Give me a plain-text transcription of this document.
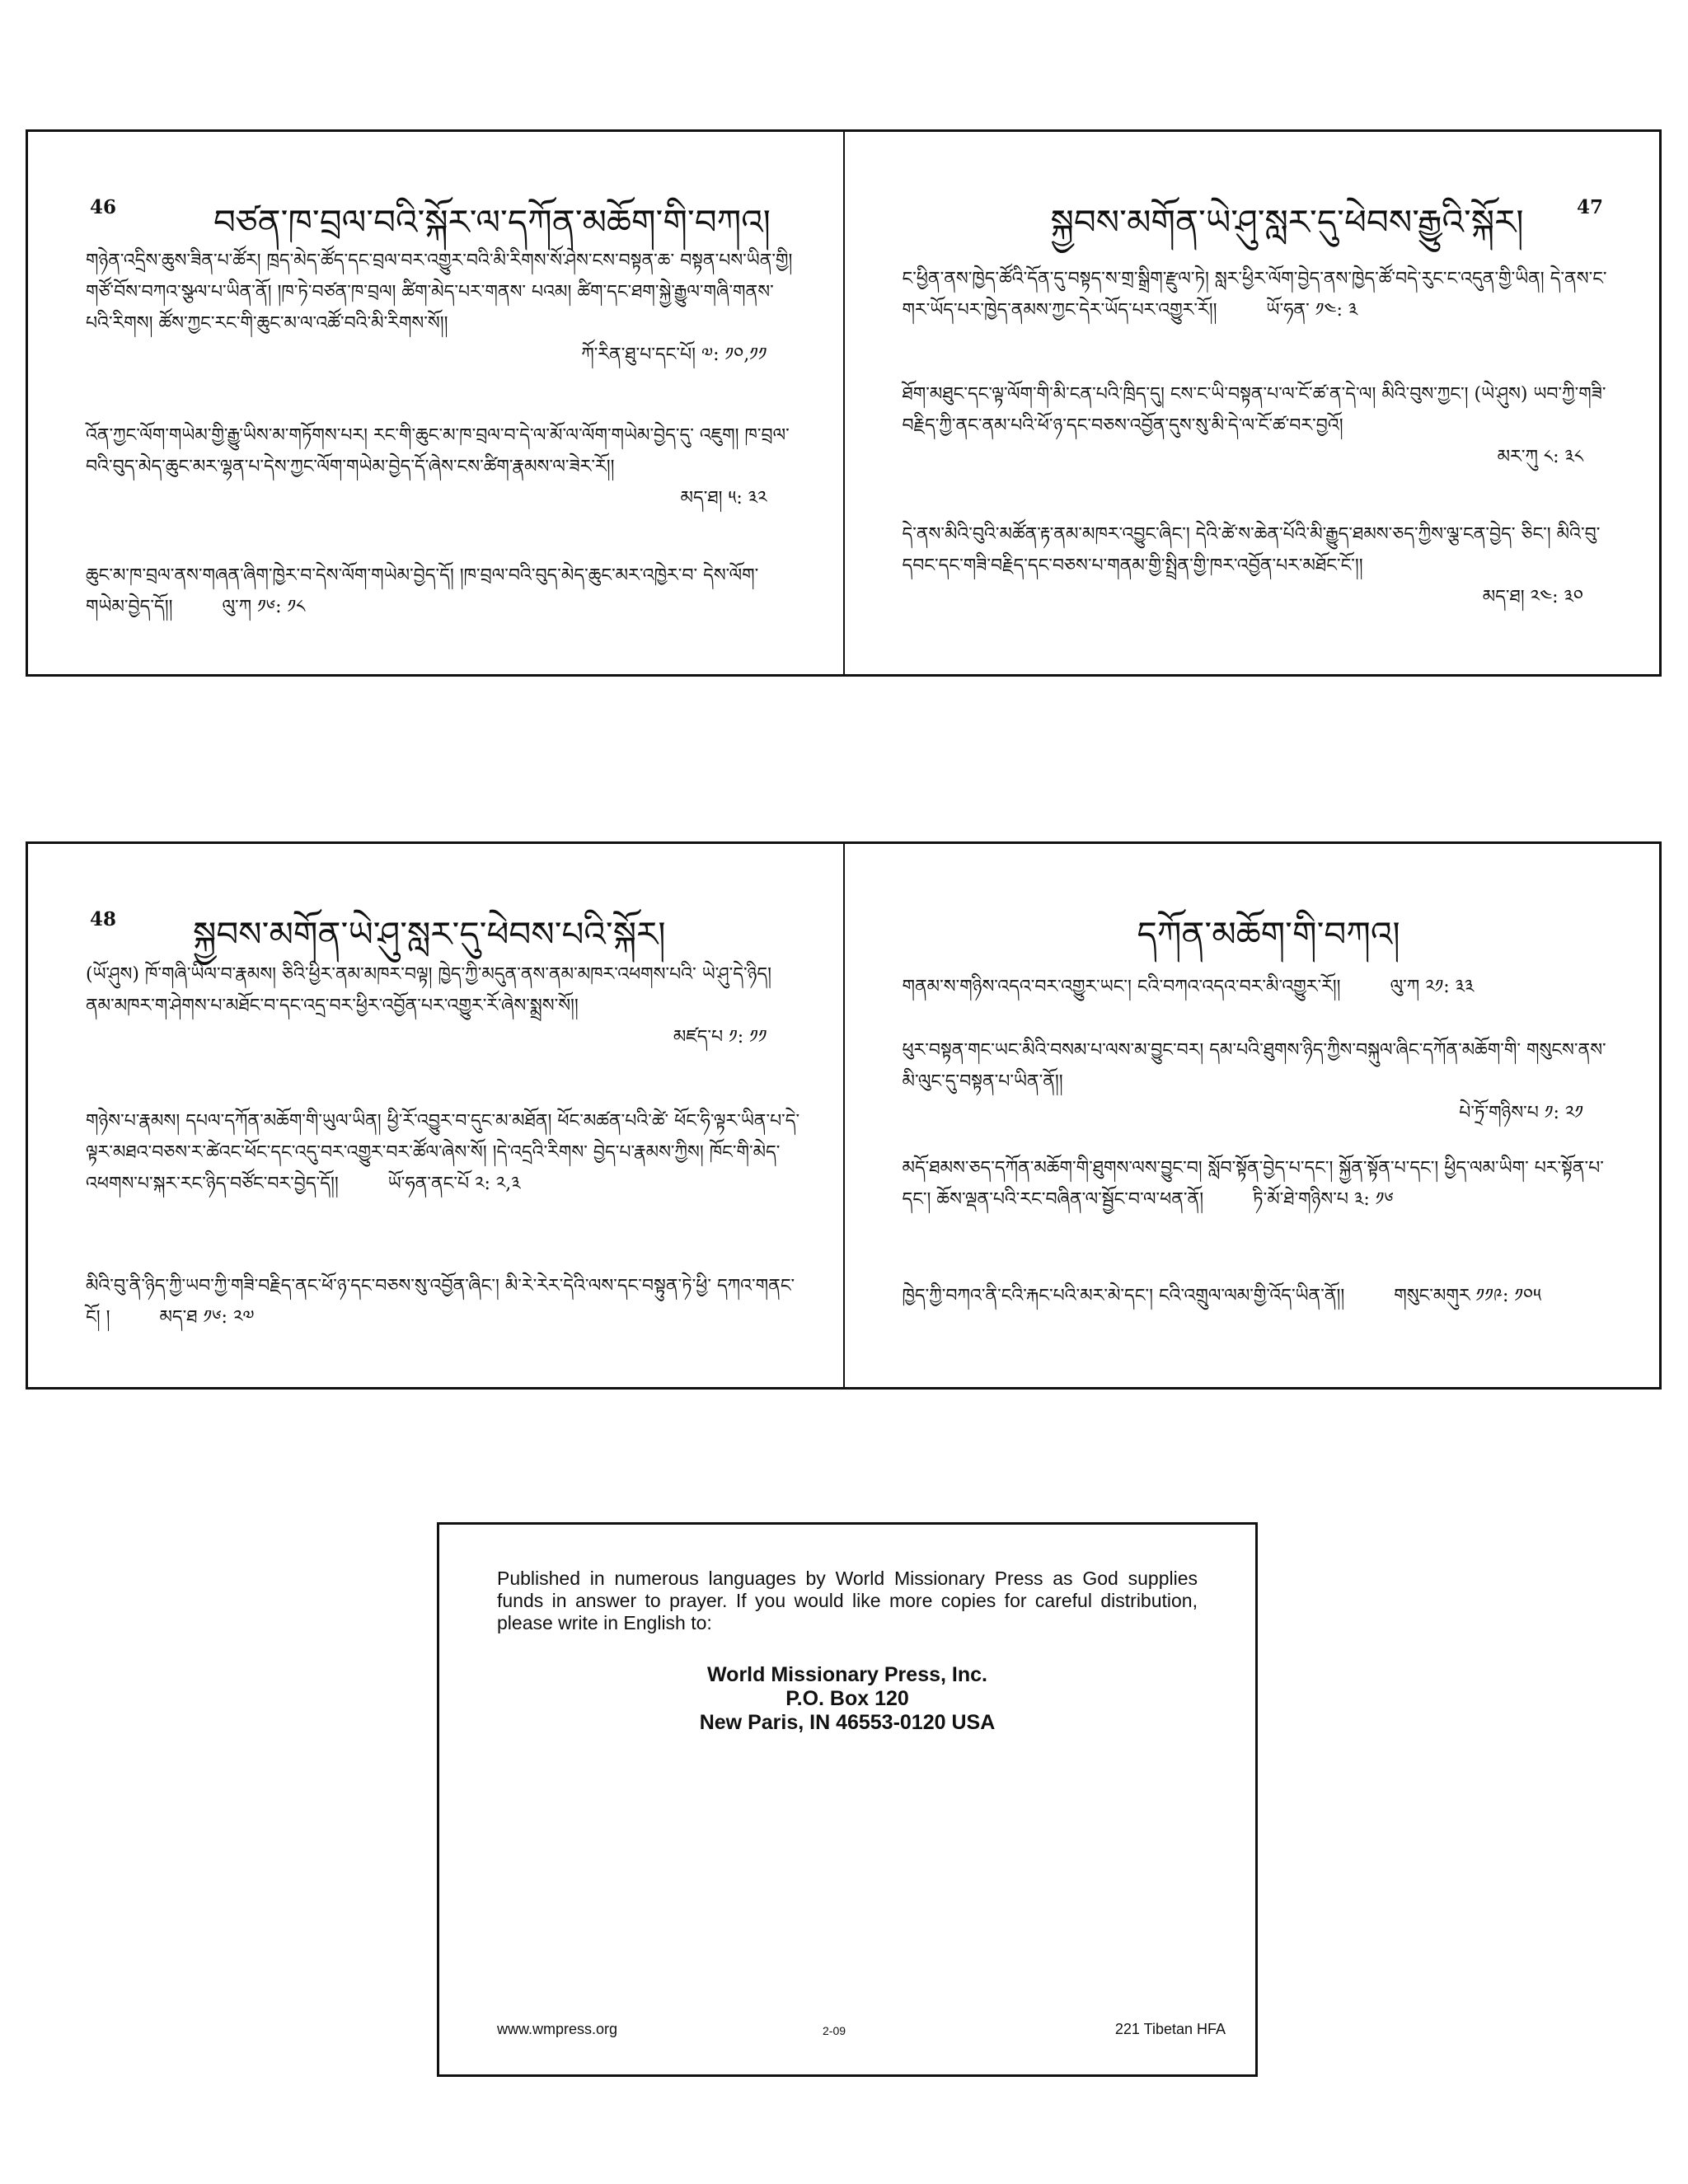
46	བཙན་ཁ་བྲལ་བའི་སྐོར་ལ་དཀོན་མཆོག་གི་བཀའ།
གཉེན་འདྲིས་ཆུས་ཟིན་པ་ཚོར། ཁྲད་མེད་ཚོད་དང་བྲལ་བར་འགྱུར་བའི་མི་རིགས་སོ་ཤེས་ངས་བསྟན་ཆ་ བསྟན་པས་ཡིན་གྱི། གཙོ་བོས་བཀའ་སྩལ་པ་ཡིན་ནོ། །ཁ་ཏེ་བཙན་ཁ་བྲལ། ཚིག་མེད་པར་གནས་ པའམ། ཚིག་དང་ཐག་སྐྱེ་རྒྱུལ་གཞི་གནས་པའི་རིགས། ཚོས་ཀྱང་རང་གི་ཆུང་མ་ལ་འཚོ་བའི་མི་རིགས་སོ།།
ཀོ་རིན་ཐུ་པ་དང་པོ། ༧: ༡༠,༡༡
འོན་ཀྱང་ལོག་གཡེམ་གྱི་རྒྱུ་ཡིས་མ་གཏོགས་པར། རང་གི་ཆུང་མ་ཁ་བྲལ་བ་དེ་ལ་མོ་ལ་ལོག་གཡེམ་བྱེད་དུ་ འཇུག། ཁ་བྲལ་བའི་བུད་མེད་ཆུང་མར་ལྷན་པ་དེས་ཀྱང་ལོག་གཡེམ་བྱེད་དོ་ཞེས་ངས་ཚིག་རྣམས་ལ་ཟེར་རོ།།
མད་ཐ། ༥: ༣༢
ཆུང་མ་ཁ་བྲལ་ནས་གཞན་ཞིག་ཁྱེར་བ་དེས་ལོག་གཡེམ་བྱེད་དོ། །ཁ་བྲལ་བའི་བུད་མེད་ཆུང་མར་འཁྱེར་བ་ དེས་ལོག་གཡེམ་བྱེད་དོ།།	ལུ་ཀ ༡༦: ༡༨
སྐྱབས་མགོན་ཡེ་ཤུ་སླར་དུ་ཕེབས་རྒྱུའི་སྐོར།	47
ང་ཕྱིན་ནས་ཁྱེད་ཚོའི་དོན་དུ་བསྟད་ས་གྲ་སྒྲིག་རྫུལ་ཏེ། སླར་ཕྱིར་ལོག་བྱེད་ནས་ཁྱེད་ཚོ་བདེ་རུང་ང་འདུན་གྱི་ཡིན། དེ་ནས་ང་གར་ཡོད་པར་ཁྱེད་ནམས་ཀྱང་དེར་ཡོད་པར་འགྱུར་རོ།།	ཡོ་ཧན་ ༡༤: ༣
ཐོག་མཐུང་དང་ལྟ་ལོག་གི་མི་ངན་པའི་ཁྲིད་དུ། ངས་ང་ཡི་བསྟན་པ་ལ་ངོ་ཚ་ན་དེ་ལ། མིའི་བུས་ཀྱང་། (ཡེ་ཤུས) ཡབ་ཀྱི་གཟི་བརྗིད་ཀྱི་ནང་ནམ་པའི་ཕོ་ཉ་དང་བཅས་འབྱོན་དུས་སུ་མི་དེ་ལ་ངོ་ཚ་བར་བྱའོ།
མར་ཀུ ༨: ༣༨
དེ་ནས་མིའི་བུའི་མཚོན་རྟ་ནམ་མཁར་འབྱུང་ཞིང་། དེའི་ཚེ་ས་ཆེན་པོའི་མི་རྒྱུད་ཐམས་ཅད་ཀྱིས་ལྕ་ངན་བྱེད་ ཅིང་། མིའི་བུ་དབང་དང་གཟི་བརྗིད་དང་བཅས་པ་གནམ་གྱི་སྤྲིན་གྱི་ཁར་འབྱོན་པར་མཐོང་ངོ་།།
མད་ཐ། ༢༤: ༣༠
48 སྐྱབས་མགོན་ཡེ་ཤུ་སླར་དུ་ཕེབས་པའི་སྐོར།
(ཡོ་ཤུས) ཁོ་གཞི་ཡིལ་བ་རྣམས། ཅིའི་ཕྱིར་ནམ་མཁར་བལྟ། ཁྱེད་ཀྱི་མདུན་ནས་ནམ་མཁར་འཕགས་པའི་ ཡེ་ཤུ་དེ་ཉིད། ནམ་མཁར་ག་ཤེགས་པ་མཐོང་བ་དང་འདྲ་བར་ཕྱིར་འབྱོན་པར་འགྱུར་རོ་ཞེས་སྨྲས་སོ།།
མཛད་པ ༡: ༡༡
གཉེས་པ་རྣམས། དཔལ་དཀོན་མཆོག་གི་ཡུལ་ཡིན། ཕྱི་རོ་འབྱུར་བ་དུང་མ་མཐོན། ཕོང་མཚན་པའི་ཚེ་ ཕོང་ཧི་ལྟར་ཡིན་པ་དེ་ལྟར་མཐའ་བཅས་ར་ཚེའང་ཕོང་དང་འདུ་བར་འགྱུར་བར་ཚོལ་ཞེས་སོ། །དེ་འདྲའི་རིགས་ བྱེད་པ་རྣམས་ཀྱིས། ཁོང་གི་མེད་འཕགས་པ་སྐར་རང་ཉིད་བཙོང་བར་བྱེད་དོ།།	ཡོ་ཧན་ནང་པོ ༢: ༢,༣
མིའི་བུ་ནི་ཉིད་ཀྱི་ཡབ་ཀྱི་གཟི་བརྗིད་ནང་ཕོ་ཉ་དང་བཅས་སུ་འབྱོན་ཞིང་། མི་རེ་རེར་དེའི་ལས་དང་བསྟུན་ཏེ་ཕྱི་ དཀའ་གནང་ངོ། །	མད་ཐ ༡༦: ༢༧
དཀོན་མཆོག་གི་བཀའ།
གནམ་ས་གཉིས་འདའ་བར་འགྱུར་ཡང་། ངའི་བཀའ་འདའ་བར་མི་འགྱུར་རོ།།	ལུ་ཀ ༢༡: ༣༣
ཕུར་བསྟན་གང་ཡང་མིའི་བསམ་པ་ལས་མ་བྱུང་བར། དམ་པའི་ཐུགས་ཉིད་ཀྱིས་བསྐུལ་ཞིང་དཀོན་མཆོག་གི་ གསུངས་ནས་མི་ལུང་དུ་བསྟན་པ་ཡིན་ནོ།།
པེ་ཏྲོ་གཉིས་པ ༡: ༢༡
མདོ་ཐམས་ཅད་དཀོན་མཆོག་གི་ཐུགས་ལས་བྱུང་བ། སློབ་སྟོན་བྱེད་པ་དང་། སྐྱོན་སྟོན་པ་དང་། ཕྱིད་ལམ་ཡིག་ པར་སྟོན་པ་དང་། ཆོས་ལྡན་པའི་རང་བཞིན་ལ་སྦྱོང་བ་ལ་ཕན་ནོ།	ཏི་མོ་ཐེ་གཉིས་པ ༣: ༡༦
ཁྱེད་ཀྱི་བཀའ་ནི་ངའི་རྐང་པའི་མར་མེ་དང་། ངའི་འགྲུལ་ལམ་གྱི་འོད་ཡིན་ནོ།།	གསུང་མགུར ༡༡༩: ༡༠༥

Published in numerous languages by World Missionary Press as God supplies funds in answer to prayer. If you would like more copies for careful distribution, please write in English to:

World Missionary Press, Inc.
P.O. Box 120
New Paris, IN 46553-0120 USA
www.wmpress.org	2-09	221 Tibetan HFA
